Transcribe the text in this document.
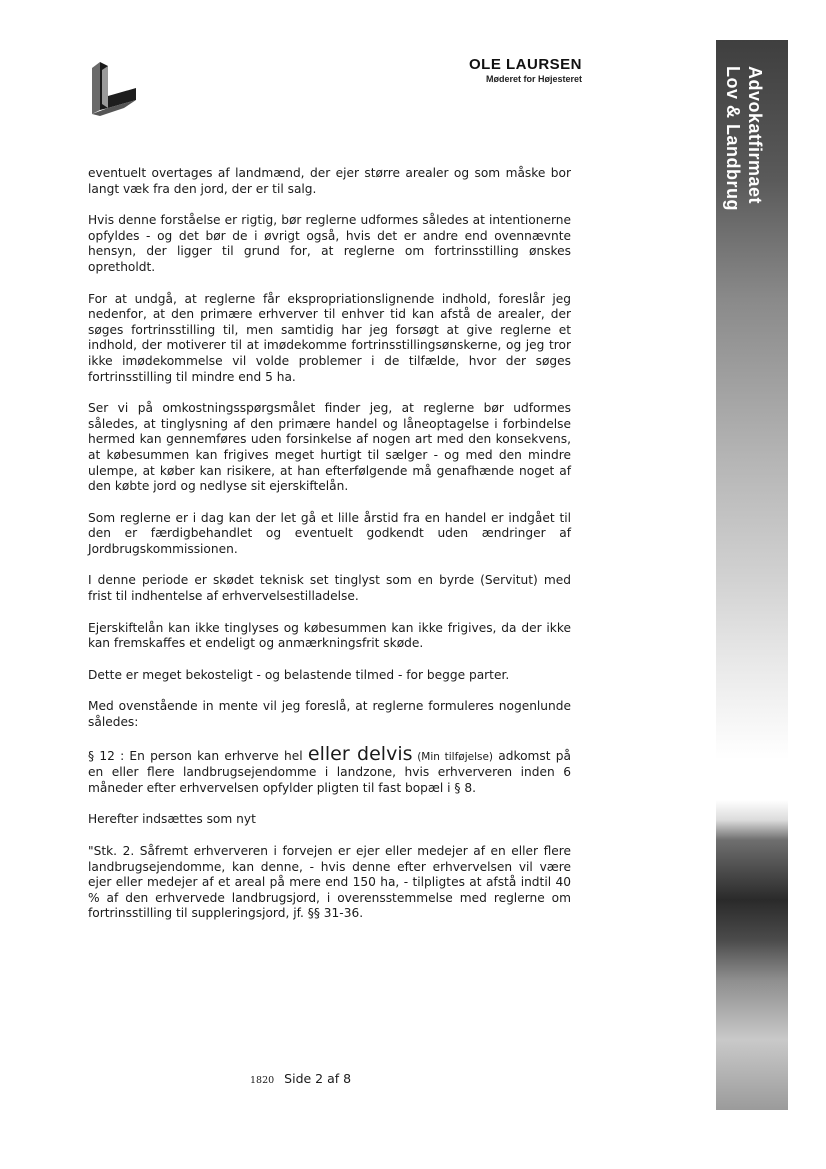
OLE LAURSEN
Møderet for Højesteret	Advokatfirmaet
Lov & Landbrug

eventuelt overtages af landmænd, der ejer større arealer og som måske bor langt væk fra den jord, der er til salg.

Hvis denne forståelse er rigtig, bør reglerne udformes således at intentionerne opfyldes - og det bør de i øvrigt også, hvis det er andre end ovennævnte hensyn, der ligger til grund for, at reglerne om fortrinsstilling ønskes opretholdt.

For at undgå, at reglerne får ekspropriationslignende indhold, foreslår jeg nedenfor, at den primære erhverver til enhver tid kan afstå de arealer, der søges fortrinsstilling til, men samtidig har jeg forsøgt at give reglerne et indhold, der motiverer til at imødekomme fortrinsstillingsønskerne, og jeg tror ikke imødekommelse vil volde problemer i de tilfælde, hvor der søges fortrinsstilling til mindre end 5 ha.

Ser vi på omkostningsspørgsmålet finder jeg, at reglerne bør udformes således, at tinglysning af den primære handel og låneoptagelse i forbindelse hermed kan gennemføres uden forsinkelse af nogen art med den konsekvens, at købesummen kan frigives meget hurtigt til sælger - og med den mindre ulempe, at køber kan risikere, at han efterfølgende må genafhænde noget af den købte jord og nedlyse sit ejerskiftelån.

Som reglerne er i dag kan der let gå et lille årstid fra en handel er indgået til den er færdigbehandlet og eventuelt godkendt uden ændringer af Jordbrugskommissionen.

I denne periode er skødet teknisk set tinglyst som en byrde (Servitut) med frist til indhentelse af erhvervelsestilladelse.

Ejerskiftelån kan ikke tinglyses og købesummen kan ikke frigives, da der ikke kan fremskaffes et endeligt og anmærkningsfrit skøde.

Dette er meget bekosteligt - og belastende tilmed - for begge parter.

Med ovenstående in mente vil jeg foreslå, at reglerne formuleres nogenlunde således:

§ 12 : En person kan erhverve hel eller delvis (Min tilføjelse) adkomst på en eller flere landbrugsejendomme i landzone, hvis erhververen inden 6 måneder efter erhvervelsen opfylder pligten til fast bopæl i § 8.

Herefter indsættes som nyt

"Stk. 2. Såfremt erhververen i forvejen er ejer eller medejer af en eller flere landbrugsejendomme, kan denne, - hvis denne efter erhvervelsen vil være ejer eller medejer af et areal på mere end 150 ha, - tilpligtes at afstå indtil 40 % af den erhvervede landbrugsjord, i overensstemmelse med reglerne om fortrinsstilling til suppleringsjord, jf. §§ 31-36.

1820 Side 2 af 8
